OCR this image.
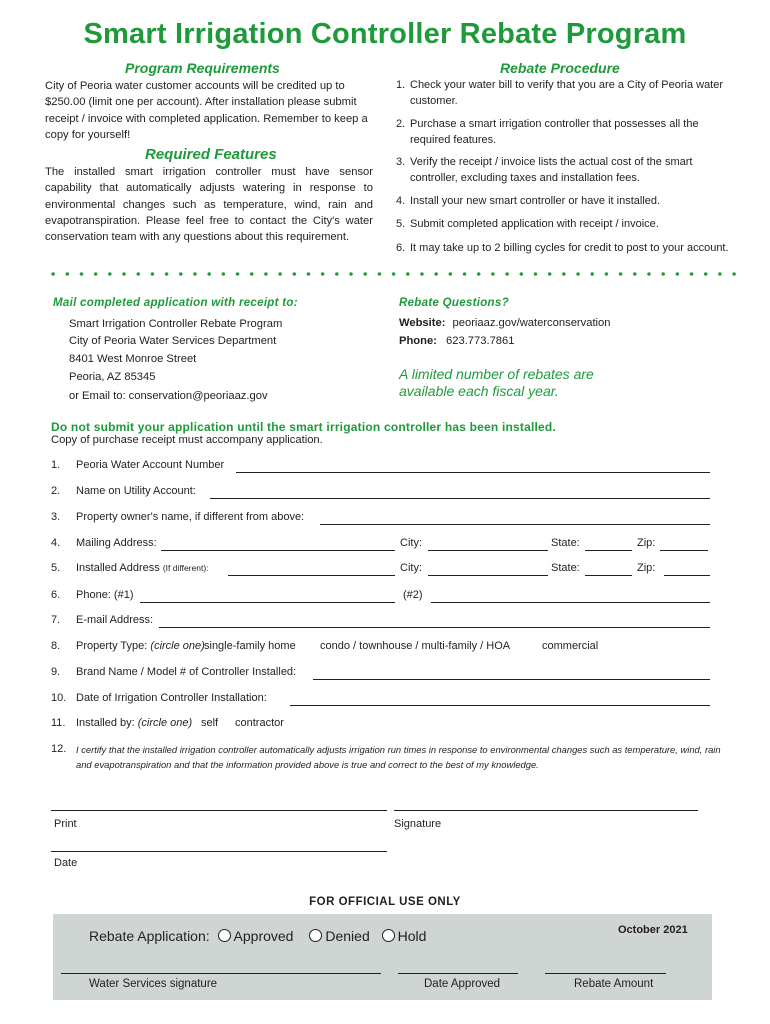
Smart Irrigation Controller Rebate Program
Program Requirements
City of Peoria water customer accounts will be credited up to $250.00 (limit one per account). After installation please submit receipt / invoice with completed application. Remember to keep a copy for yourself!
Required Features
The installed smart irrigation controller must have sensor capability that automatically adjusts watering in response to environmental changes such as temperature, wind, rain and evapotranspiration. Please feel free to contact the City's water conservation team with any questions about this requirement.
Rebate Procedure
1. Check your water bill to verify that you are a City of Peoria water customer.
2. Purchase a smart irrigation controller that possesses all the required features.
3. Verify the receipt / invoice lists the actual cost of the smart controller, excluding taxes and installation fees.
4. Install your new smart controller or have it installed.
5. Submit completed application with receipt / invoice.
6. It may take up to 2 billing cycles for credit to post to your account.
Mail completed application with receipt to:
Smart Irrigation Controller Rebate Program
City of Peoria Water Services Department
8401 West Monroe Street
Peoria, AZ 85345
or Email to: conservation@peoriaaz.gov
Rebate Questions?
Website: peoriaaz.gov/waterconservation
Phone: 623.773.7861
A limited number of rebates are available each fiscal year.
Do not submit your application until the smart irrigation controller has been installed.
Copy of purchase receipt must accompany application.
1. Peoria Water Account Number
2. Name on Utility Account:
3. Property owner's name, if different from above:
4. Mailing Address:	City:	State:	Zip:
5. Installed Address (If different):	City:	State:	Zip:
6. Phone: (#1)	(#2)
7. E-mail Address:
8. Property Type: (circle one) single-family home condo / townhouse / multi-family / HOA	commercial
9. Brand Name / Model # of Controller Installed:
10. Date of Irrigation Controller Installation:
11. Installed by: (circle one) self contractor
12. I certify that the installed irrigation controller automatically adjusts irrigation run times in response to environmental changes such as temperature, wind, rain and evapotranspiration and that the information provided above is true and correct to the best of my knowledge.
Print	Signature
Date
FOR OFFICIAL USE ONLY
Rebate Application: Approved Denied Hold	October 2021
Water Services signature	Date Approved	Rebate Amount
